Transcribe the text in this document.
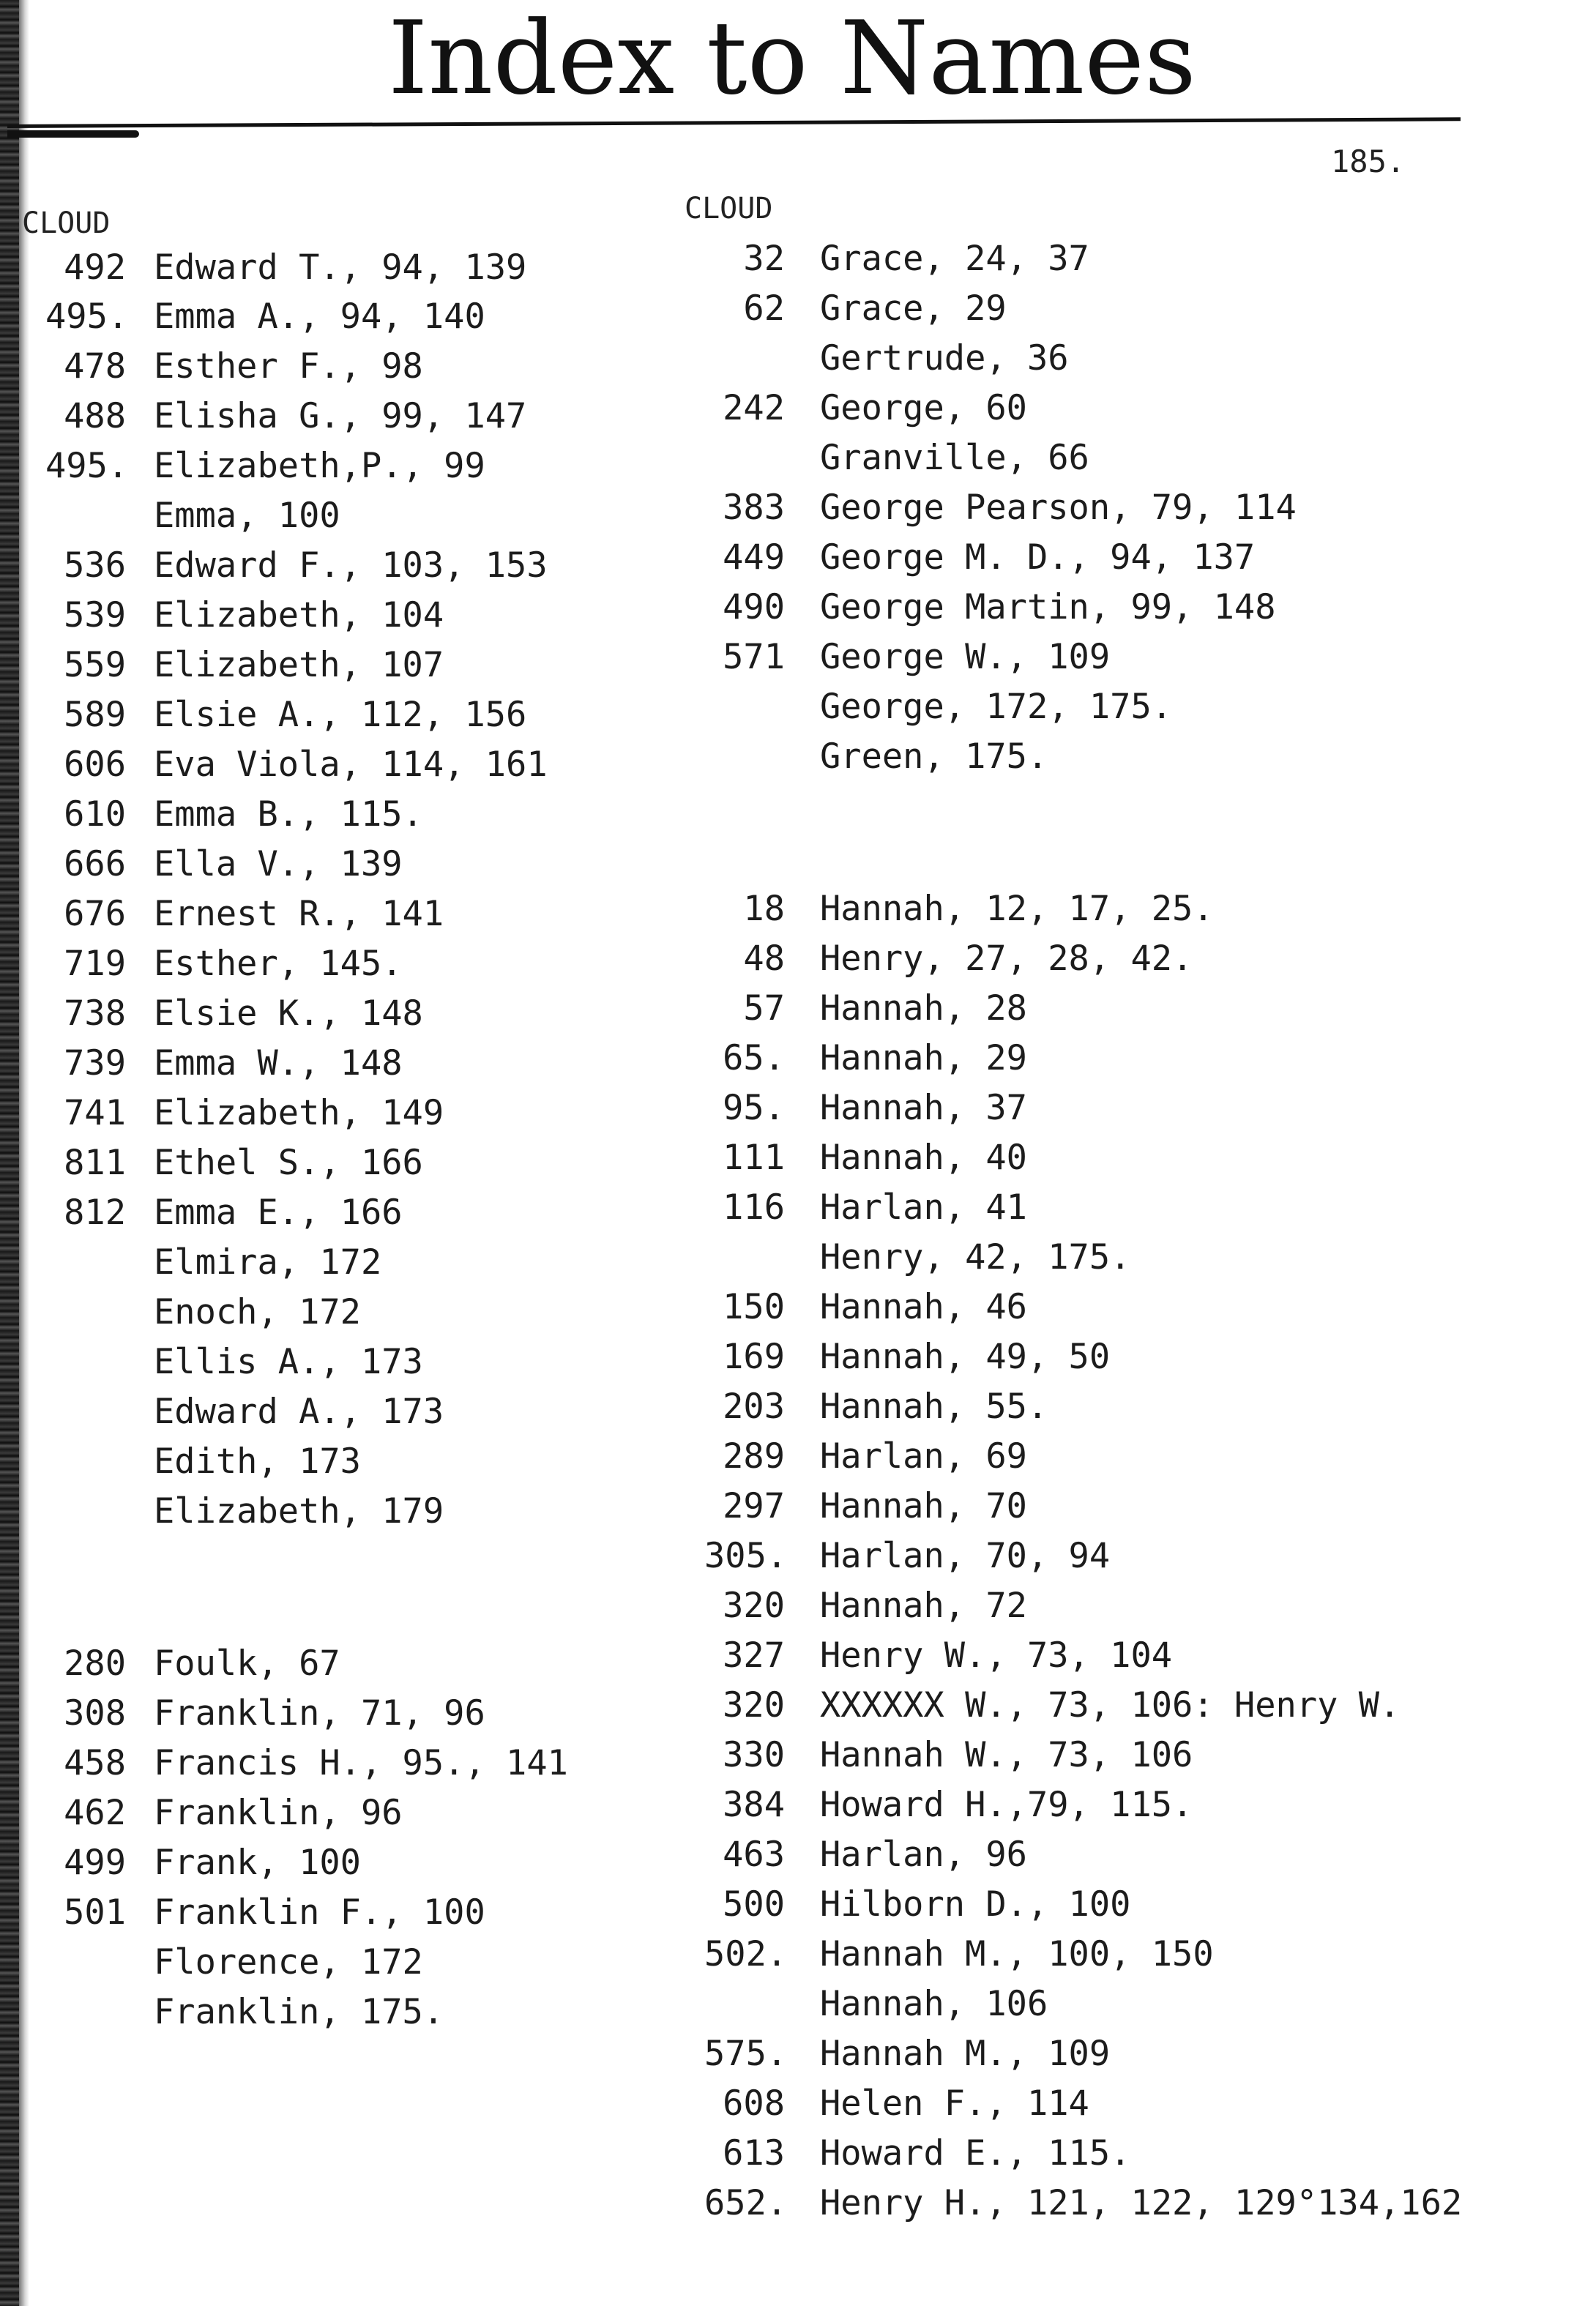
Index to Names
185.
CLOUD	CLOUD
492 Edward T., 94, 139
495. Emma A., 94, 140
478 Esther F., 98
488 Elisha G., 99, 147
495. Elizabeth,P., 99
Emma, 100
536 Edward F., 103, 153
539 Elizabeth, 104
559 Elizabeth, 107
589 Elsie A., 112, 156
606 Eva Viola, 114, 161
610 Emma B., 115.
666 Ella V., 139
676 Ernest R., 141
719 Esther, 145.
738 Elsie K., 148
739 Emma W., 148
741 Elizabeth, 149
811 Ethel S., 166
812 Emma E., 166
Elmira, 172
Enoch, 172
Ellis A., 173
Edward A., 173
Edith, 173
Elizabeth, 179
280 Foulk, 67
308 Franklin, 71, 96
458 Francis H., 95., 141
462 Franklin, 96
499 Frank, 100
501 Franklin F., 100
Florence, 172
Franklin, 175.
32 Grace, 24, 37
62 Grace, 29
Gertrude, 36
242 George, 60
Granville, 66
383 George Pearson, 79, 114
449 George M. D., 94, 137
490 George Martin, 99, 148
571 George W., 109
George, 172, 175.
Green, 175.
18 Hannah, 12, 17, 25.
48 Henry, 27, 28, 42.
57 Hannah, 28
65. Hannah, 29
95. Hannah, 37
111 Hannah, 40
116 Harlan, 41
Henry, 42, 175.
150 Hannah, 46
169 Hannah, 49, 50
203 Hannah, 55.
289 Harlan, 69
297 Hannah, 70
305. Harlan, 70, 94
320 Hannah, 72
327 Henry W., 73, 104
320 XXXXXX W., 73, 106: Henry W.
330 Hannah W., 73, 106
384 Howard H.,79, 115.
463 Harlan, 96
500 Hilborn D., 100
502. Hannah M., 100, 150
Hannah, 106
575. Hannah M., 109
608 Helen F., 114
613 Howard E., 115.
652. Henry H., 121, 122, 129°134,162
